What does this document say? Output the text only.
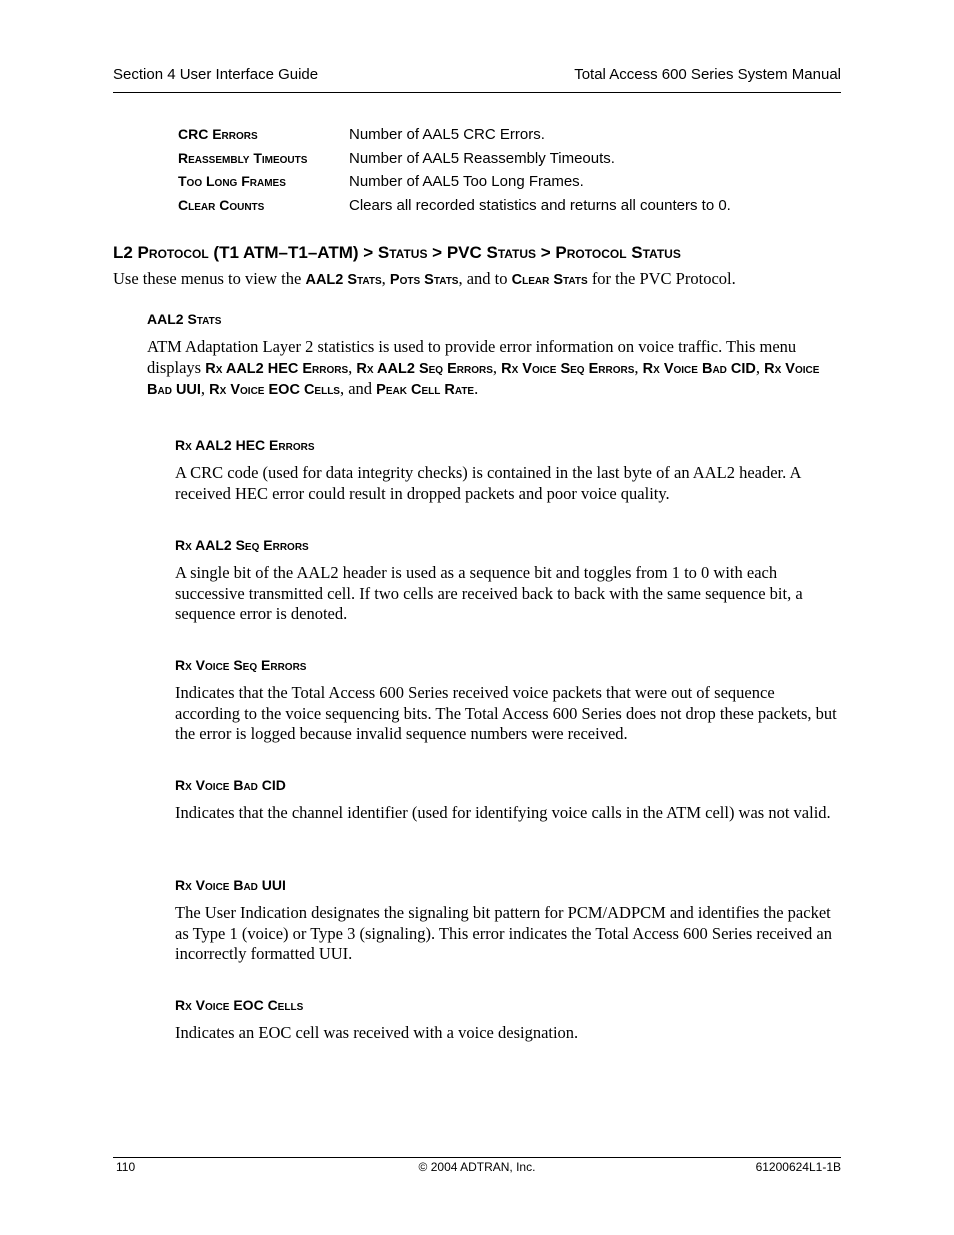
Section 4 User Interface Guide	Total Access 600 Series System Manual
CRC Errors	Number of AAL5 CRC Errors.
Reassembly Timeouts	Number of AAL5 Reassembly Timeouts.
Too Long Frames	Number of AAL5 Too Long Frames.
Clear Counts	Clears all recorded statistics and returns all counters to 0.
L2 Protocol (T1 ATM–T1–ATM) > Status > PVC Status > Protocol Status
Use these menus to view the AAL2 Stats, Pots Stats, and to Clear Stats for the PVC Protocol.
AAL2 Stats
ATM Adaptation Layer 2 statistics is used to provide error information on voice traffic. This menu displays Rx AAL2 HEC Errors, Rx AAL2 Seq Errors, Rx Voice Seq Errors, Rx Voice Bad CID, Rx Voice Bad UUI, Rx Voice EOC Cells, and Peak Cell Rate.
Rx AAL2 HEC Errors
A CRC code (used for data integrity checks) is contained in the last byte of an AAL2 header. A received HEC error could result in dropped packets and poor voice quality.
Rx AAL2 Seq Errors
A single bit of the AAL2 header is used as a sequence bit and toggles from 1 to 0 with each successive transmitted cell. If two cells are received back to back with the same sequence bit, a sequence error is denoted.
Rx Voice Seq Errors
Indicates that the Total Access 600 Series received voice packets that were out of sequence according to the voice sequencing bits. The Total Access 600 Series does not drop these packets, but the error is logged because invalid sequence numbers were received.
Rx Voice Bad CID
Indicates that the channel identifier (used for identifying voice calls in the ATM cell) was not valid.
Rx Voice Bad UUI
The User Indication designates the signaling bit pattern for PCM/ADPCM and identifies the packet as Type 1 (voice) or Type 3 (signaling). This error indicates the Total Access 600 Series received an incorrectly formatted UUI.
Rx Voice EOC Cells
Indicates an EOC cell was received with a voice designation.
110	© 2004 ADTRAN, Inc.	61200624L1-1B
